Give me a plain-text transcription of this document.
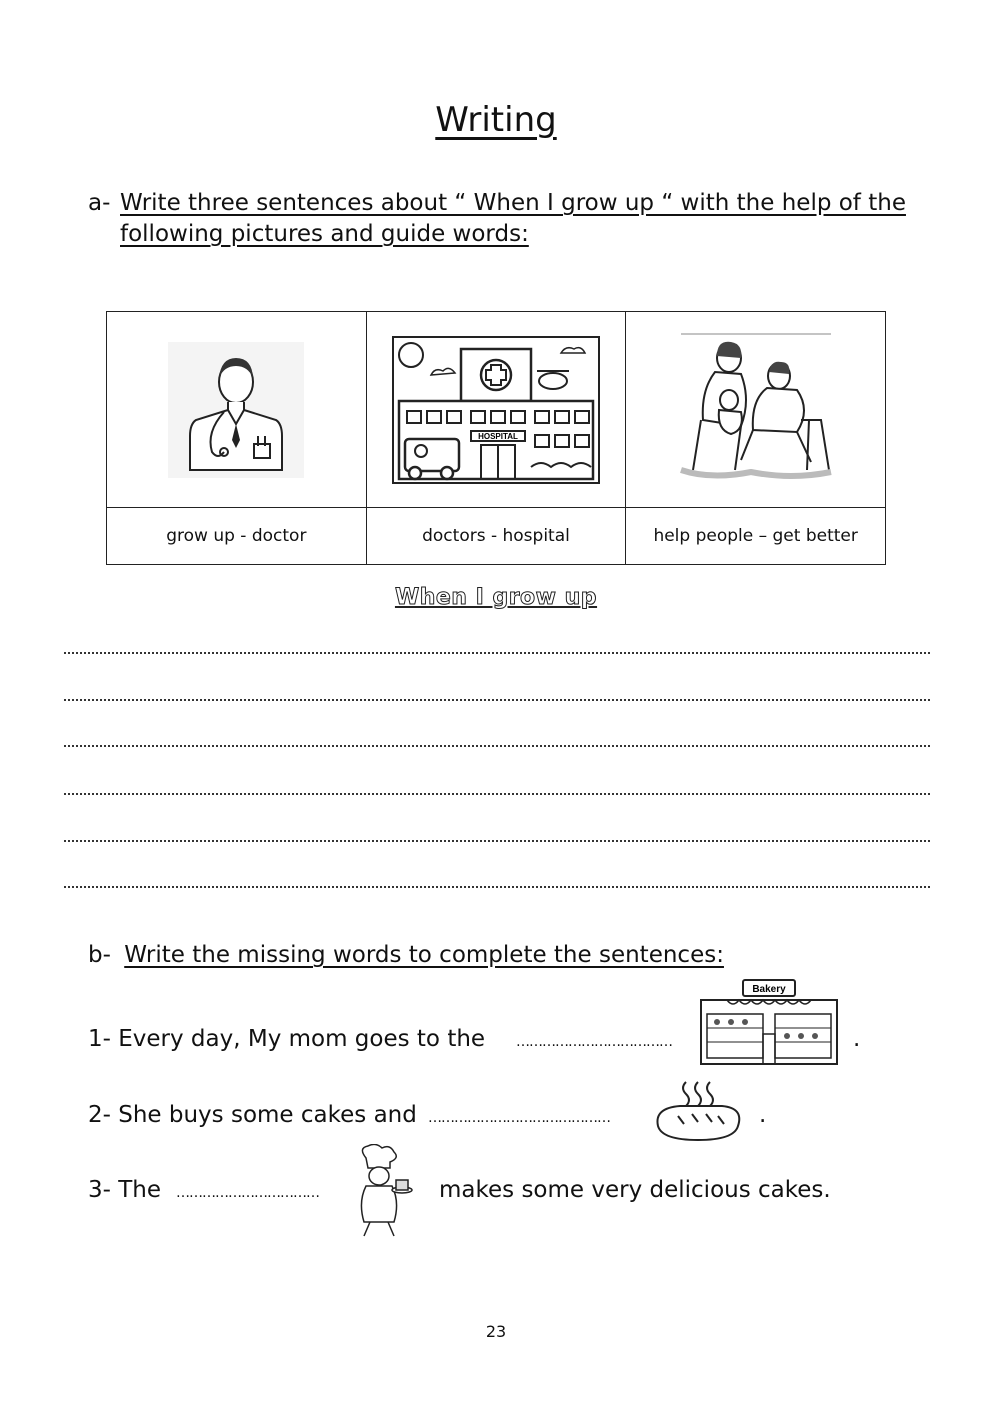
Writing
a- Write three sentences about “ When I grow up “ with the help of the following pictures and guide words:

HOSPITAL

grow up - doctor	doctors - hospital	help people – get better
When I grow up
b- Write the missing words to complete the sentences:
1- Every day, My mom goes to the ………………………………
Bakery
.
2- She buys some cakes and ……………………………………	.
3- The ……………………………	makes some very delicious cakes.
23
